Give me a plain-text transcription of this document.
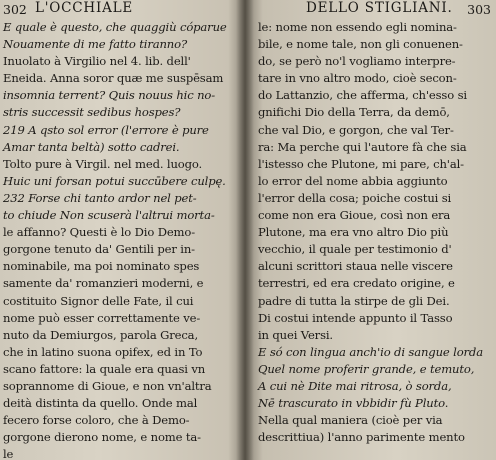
302 L'OCCHIALE
E quale è questo, che quaggiù cóparue
Nouamente di me fatto tiranno?
Inuolato à Virgilio nel 4. lib. dell'
Eneida. Anna soror quæ me suspēsam
insomnia terrent? Quis nouus hic no-
stris successit sedibus hospes?
219 A qsto sol error (l'errore è pure
Amar tanta beltà) sotto cadrei.
Tolto pure à Virgil. nel med. luogo.
Huic uni forsan potui succūbere culpę.
232 Forse chi tanto ardor nel pet-
to chiude Non scuserà l'altrui morta-
le affanno? Questi è lo Dio Demo-
gorgone tenuto da' Gentili per in-
nominabile, ma poi nominato spes
samente da' romanzieri moderni, e
costituito Signor delle Fate, il cui
nome può esser correttamente ve-
nuto da Demiurgos, parola Greca,
che in latino suona opifex, ed in To
scano fattore: la quale era quasi vn
soprannome di Gioue, e non vn'altra
deità distinta da quello. Onde mal
fecero forse coloro, che à Demo-
gorgone dierono nome, e nome ta-
le
DELLO STIGLIANI. 303
le: nome non essendo egli nomina-
bile, e nome tale, non gli conuenen-
do, se però no'l vogliamo interpre-
tare in vno altro modo, cioè secon-
do Lattanzio, che afferma, ch'esso si
gnifichi Dio della Terra, da demō,
che val Dio, e gorgon, che val Ter-
ra: Ma perche qui l'autore fà che sia
l'istesso che Plutone, mi pare, ch'al-
lo error del nome abbia aggiunto
l'error della cosa; poiche costui si
come non era Gioue, così non era
Plutone, ma era vno altro Dio più
vecchio, il quale per testimonio d'
alcuni scrittori staua nelle viscere
terrestri, ed era credato origine, e
padre di tutta la stirpe de gli Dei.
Di costui intende appunto il Tasso
in quei Versi.
E só con lingua anch'io di sangue lorda
Quel nome proferir grande, e temuto,
A cui nè Dite mai ritrosa, ò sorda,
Nē trascurato in vbbidir fù Pluto.
Nella qual maniera (cioè per via
descrittiua) l'anno parimente mento
